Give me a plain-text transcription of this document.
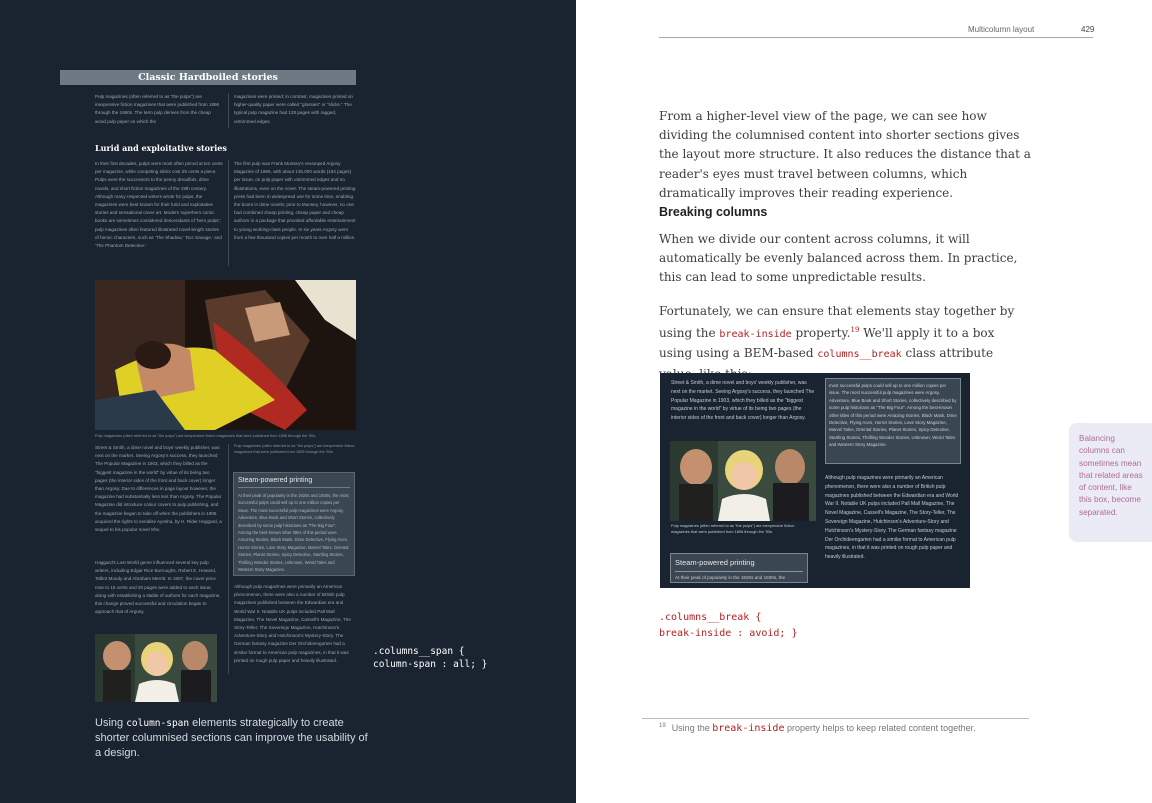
Classic Hardboiled stories
Pulp magazines (often referred to as "the pulps") are inexpensive fiction magazines that were published from 1896 through the 1950s. The term pulp derives from the cheap wood pulp paper on which the
magazines were printed; in contrast, magazines printed on higher-quality paper were called "glossies" or "slicks." The typical pulp magazine had 128 pages with ragged, untrimmed edges.
Lurid and exploitative stories
In their first decades, pulps were most often priced at ten cents per magazine, while competing slicks cost 25 cents a piece. Pulps were the successors to the penny dreadfuls, dime novels, and short fiction magazines of the 19th century. Although many respected writers wrote for pulps, the magazines were best known for their lurid and exploitative stories and sensational cover art. Modern superhero comic books are sometimes considered descendants of 'hero pulps'; pulp magazines often featured illustrated novel-length stories of heroic characters, such as 'The Shadow,' 'Doc Savage,' and 'The Phantom Detective.'
The first pulp was Frank Munsey's revamped Argosy Magazine of 1896, with about 135,000 words (192 pages) per issue, on pulp paper with untrimmed edges and no illustrations, even on the cover. The steam-powered printing press had been in widespread use for some time, enabling the boom in dime novels; prior to Munsey, however, no one had combined cheap printing, cheap paper and cheap authors in a package that provided affordable entertainment to young working-class people. In six years Argosy went from a few thousand copies per month to over half a million.
Pulp magazines (often referred to as "the pulps") are inexpensive fiction magazines that were published from 1896 through the '50s.
Street & Smith, a dime novel and boys' weekly publisher, was next on the market. Seeing Argosy's success, they launched The Popular Magazine in 1903, which they billed as the "biggest magazine in the world" by virtue of its being two pages (the interior sides of the front and back cover) longer than Argosy. Due to differences in page layout however, the magazine had substantially less text than Argosy. The Popular Magazine did introduce colour covers to pulp publishing, and the magazine began to take off when the publishers in 1905 acquired the rights to serialise Ayesha, by H. Rider Haggard, a sequel to his popular novel She.
Haggard's Lost World genre influenced several key pulp writers, including Edgar Rice Burroughs, Robert E. Howard, Talbot Mundy and Abraham Merritt. In 1907, the cover price rose to 15 cents and 30 pages were added to each issue; along with establishing a stable of authors for each magazine, this change proved successful and circulation began to approach that of Argosy.
Pulp magazines (often referred to as "the pulps") are inexpensive fiction magazines that were published from 1896 through the '50s.
Steam-powered printing
At their peak of popularity in the 1920s and 1930s, the most successful pulps could sell up to one million copies per issue. The most successful pulp magazines were Argosy, Adventure, Blue Book and Short Stories, collectively described by some pulp historians as "The Big Four". Among the best-known other titles of this period were Amazing Stories, Black Mask, Dime Detective, Flying Aces, Horror Stories, Love Story Magazine, Marvel Tales, Oriental Stories, Planet Stories, Spicy Detective, Startling Stories, Thrilling Wonder Stories, Unknown, Weird Tales and Western Story Magazine.
Although pulp magazines were primarily an American phenomenon, there were also a number of British pulp magazines published between the Edwardian era and World War II. Notable UK pulps included Pall Mall Magazine, The Novel Magazine, Cassell's Magazine, The Story-Teller, The Sovereign Magazine, Hutchinson's Adventure-Story and Hutchinson's Mystery-Story. The German fantasy magazine Der Orchideengarten had a similar format to American pulp magazines, in that it was printed on rough pulp paper and heavily illustrated.
.columns__span {
column-span : all; }
Using column-span elements strategically to create shorter columnised sections can improve the usability of a design.
Multicolumn layout	429
From a higher-level view of the page, we can see how dividing the columnised content into shorter sections gives the layout more structure. It also reduces the distance that a reader's eyes must travel between columns, which dramatically improves their reading experience.
Breaking columns
When we divide our content across columns, it will automatically be evenly balanced across them. In practice, this can lead to some unpredictable results.
Fortunately, we can ensure that elements stay together by using the break-inside property.$^{19}$ We'll apply it to a box using using a BEM-based columns__break class attribute
Street & Smith, a dime novel and boys' weekly publisher, was next on the market. Seeing Argosy's success, they launched The Popular Magazine in 1903, which they billed as the "biggest magazine in the world" by virtue of its being two pages (the interior sides of the front and back cover) longer than Argosy.
most successful pulps could sell up to one million copies per issue. The most successful pulp magazines were Argosy, Adventure, Blue Book and Short Stories, collectively described by some pulp historians as "The Big Four". Among the best-known other titles of this period were Amazing Stories, Black Mask, Dime Detective, Flying Aces, Horror Stories, Love Story Magazine, Marvel Tales, Oriental Stories, Planet Stories, Spicy Detective, Startling Stories, Thrilling Wonder Stories, Unknown, Weird Tales and Western Story Magazine.
Although pulp magazines were primarily an American phenomenon, there were also a number of British pulp magazines published between the Edwardian era and World War II. Notable UK pulps included Pall Mall Magazine, The Novel Magazine, Cassell's Magazine, The Story-Teller, The Sovereign Magazine, Hutchinson's Adventure-Story and Hutchinson's Mystery-Story. The German fantasy magazine Der Orchideengarten had a similar format to American pulp magazines, in that it was printed on rough pulp paper and heavily illustrated.
Pulp magazines (often referred to as "the pulps") are inexpensive fiction magazines that were published from 1896 through the '50s.
Steam-powered printing
At their peak of popularity in the 1920s and 1930s, the
.columns__break {
break-inside : avoid; }
$^{19}$ Using the break-inside property helps to keep related content together.
Balancing columns can sometimes mean that related areas of content, like this box, become separated.
